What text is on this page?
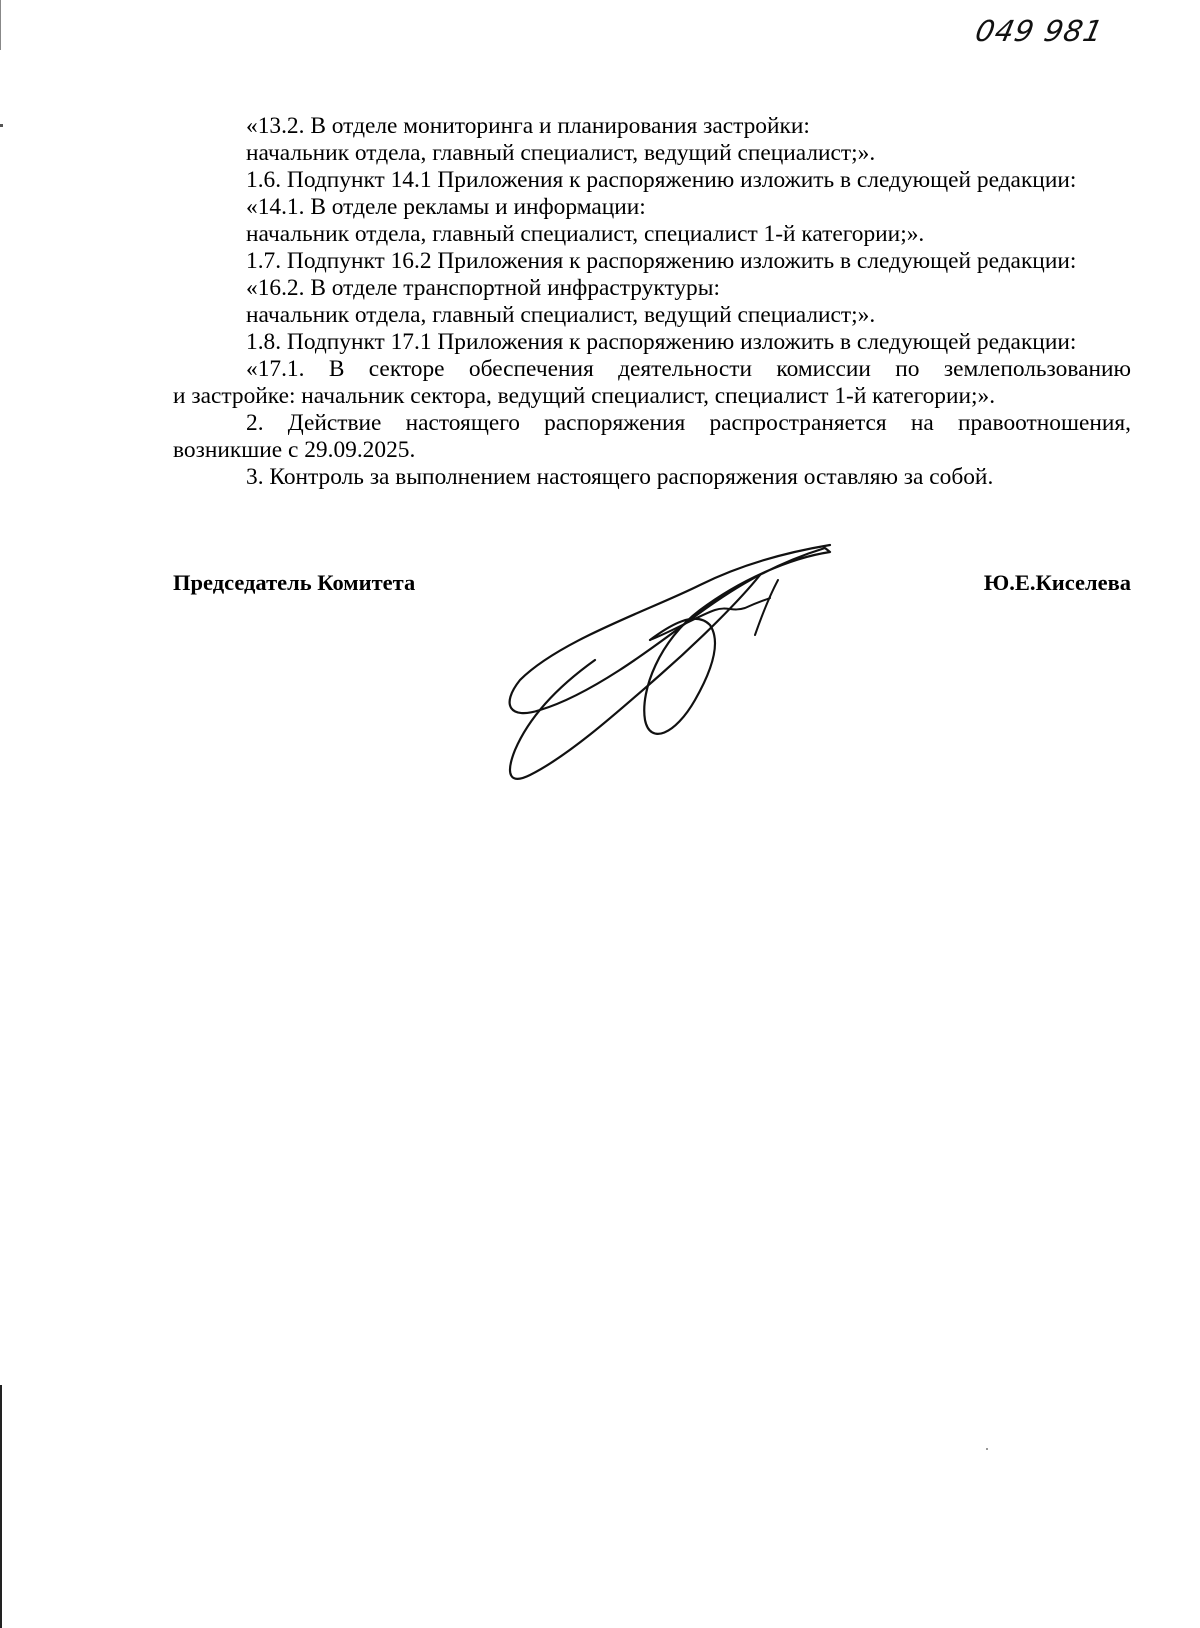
049 981
«13.2. В отделе мониторинга и планирования застройки:
начальник отдела, главный специалист, ведущий специалист;».
1.6. Подпункт 14.1 Приложения к распоряжению изложить в следующей редакции:
«14.1. В отделе рекламы и информации:
начальник отдела, главный специалист, специалист 1-й категории;».
1.7. Подпункт 16.2 Приложения к распоряжению изложить в следующей редакции:
«16.2. В отделе транспортной инфраструктуры:
начальник отдела, главный специалист, ведущий специалист;».
1.8. Подпункт 17.1 Приложения к распоряжению изложить в следующей редакции:
«17.1. В секторе обеспечения деятельности комиссии по землепользованию
и застройке: начальник сектора, ведущий специалист, специалист 1-й категории;».
2. Действие настоящего распоряжения распространяется на правоотношения,
возникшие с 29.09.2025.
3. Контроль за выполнением настоящего распоряжения оставляю за собой.
Председатель Комитета	Ю.Е.Киселева
